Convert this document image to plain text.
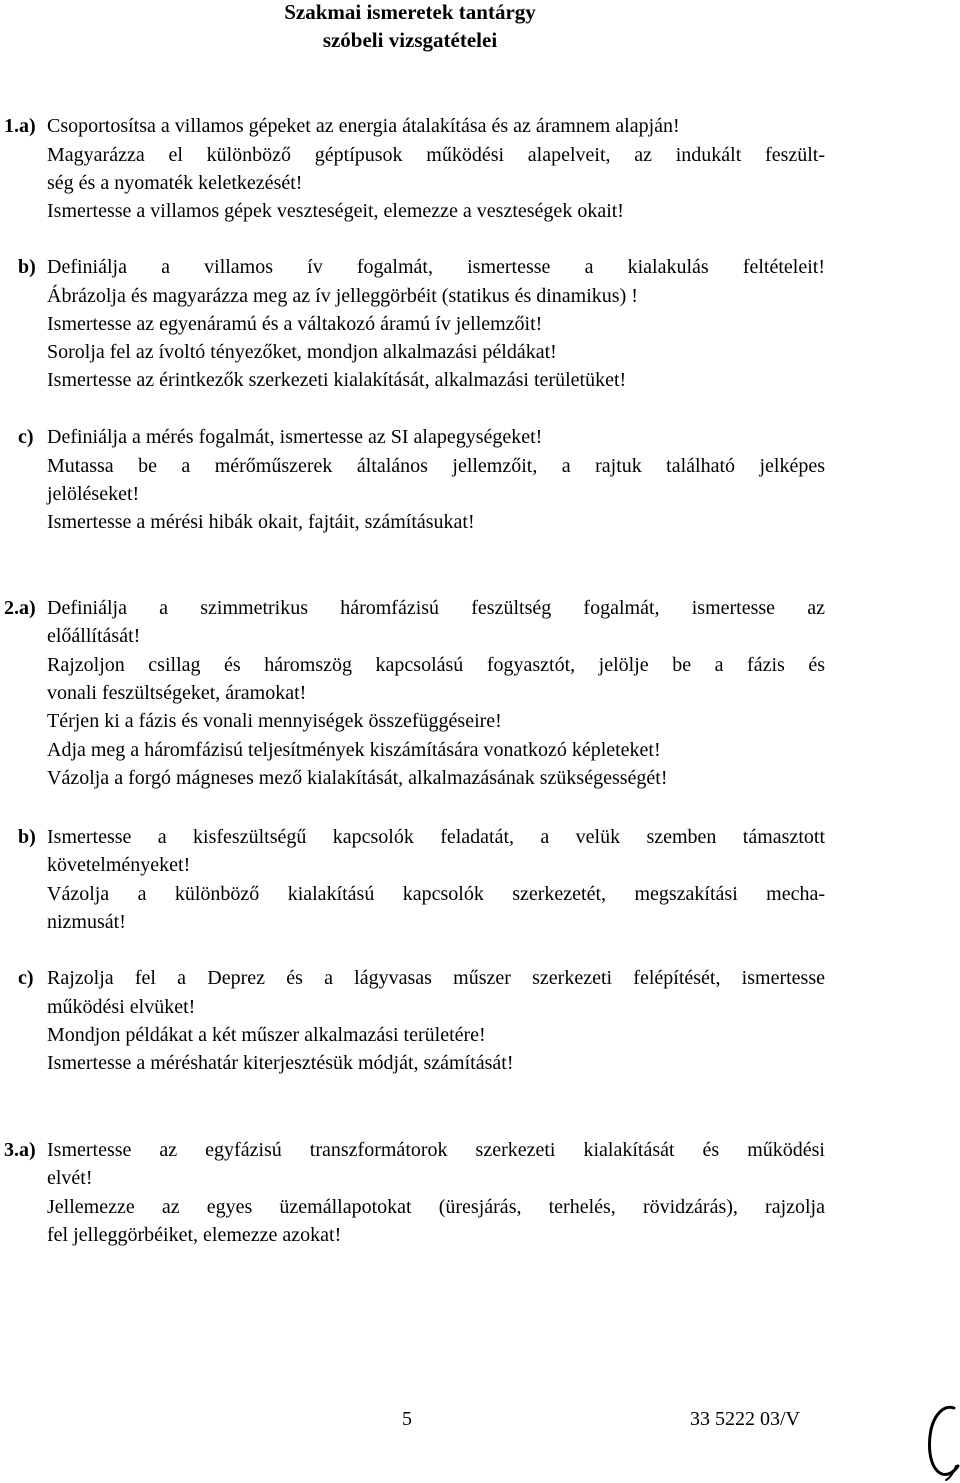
Szakmai ismeretek tantárgy
szóbeli vizsgatételei
1.a) Csoportosítsa a villamos gépeket az energia átalakítása és az áramnem alapján!
Magyarázza el különböző géptípusok működési alapelveit, az indukált feszült-
ség és a nyomaték keletkezését!
Ismertesse a villamos gépek veszteségeit, elemezze a veszteségek okait!
b) Definiálja a villamos ív fogalmát, ismertesse a kialakulás feltételeit!
Ábrázolja és magyarázza meg az ív jelleggörbéit (statikus és dinamikus) !
Ismertesse az egyenáramú és a váltakozó áramú ív jellemzőit!
Sorolja fel az ívoltó tényezőket, mondjon alkalmazási példákat!
Ismertesse az érintkezők szerkezeti kialakítását, alkalmazási területüket!
c) Definiálja a mérés fogalmát, ismertesse az SI alapegységeket!
Mutassa be a mérőműszerek általános jellemzőit, a rajtuk található jelképes
jelöléseket!
Ismertesse a mérési hibák okait, fajtáit, számításukat!
2.a) Definiálja a szimmetrikus háromfázisú feszültség fogalmát, ismertesse az
előállítását!
Rajzoljon csillag és háromszög kapcsolású fogyasztót, jelölje be a fázis és
vonali feszültségeket, áramokat!
Térjen ki a fázis és vonali mennyiségek összefüggéseire!
Adja meg a háromfázisú teljesítmények kiszámítására vonatkozó képleteket!
Vázolja a forgó mágneses mező kialakítását, alkalmazásának szükségességét!
b) Ismertesse a kisfeszültségű kapcsolók feladatát, a velük szemben támasztott
követelményeket!
Vázolja a különböző kialakítású kapcsolók szerkezetét, megszakítási mecha-
nizmusát!
c) Rajzolja fel a Deprez és a lágyvasas műszer szerkezeti felépítését, ismertesse
működési elvüket!
Mondjon példákat a két műszer alkalmazási területére!
Ismertesse a méréshatár kiterjesztésük módját, számítását!
3.a) Ismertesse az egyfázisú transzformátorok szerkezeti kialakítását és működési
elvét!
Jellemezze az egyes üzemállapotokat (üresjárás, terhelés, rövidzárás), rajzolja
fel jelleggörbéiket, elemezze azokat!
5	33 5222 03/V
